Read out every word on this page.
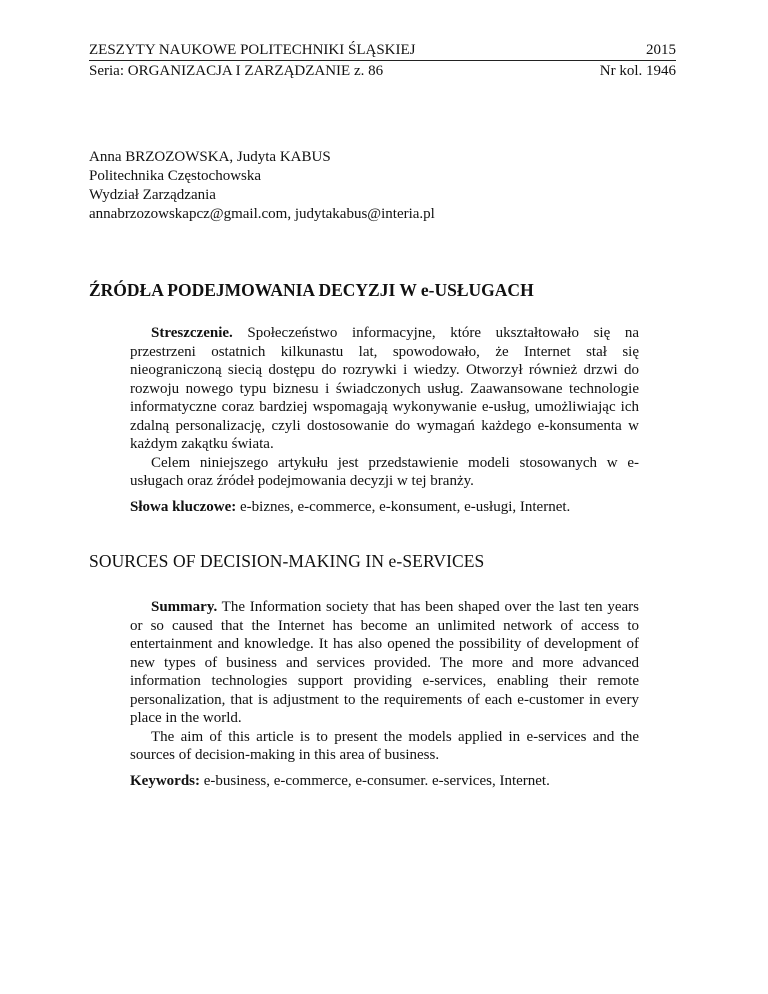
ZESZYTY NAUKOWE POLITECHNIKI ŚLĄSKIEJ	2015
Seria: ORGANIZACJA I ZARZĄDZANIE z. 86	Nr kol. 1946
Anna BRZOZOWSKA, Judyta KABUS
Politechnika Częstochowska
Wydział Zarządzania
annabrzozowskapcz@gmail.com, judytakabus@interia.pl
ŹRÓDŁA PODEJMOWANIA DECYZJI W e-USŁUGACH

Streszczenie. Społeczeństwo informacyjne, które ukształtowało się na przestrzeni ostatnich kilkunastu lat, spowodowało, że Internet stał się nieograniczoną siecią dostępu do rozrywki i wiedzy. Otworzył również drzwi do rozwoju nowego typu biznesu i świadczonych usług. Zaawansowane technologie informatyczne coraz bardziej wspomagają wykonywanie e-usług, umożliwiając ich zdalną personalizację, czyli dostosowanie do wymagań każdego e-konsumenta w każdym zakątku świata.

Celem niniejszego artykułu jest przedstawienie modeli stosowanych w e-usługach oraz źródeł podejmowania decyzji w tej branży.

Słowa kluczowe: e-biznes, e-commerce, e-konsument, e-usługi, Internet.

SOURCES OF DECISION-MAKING IN e-SERVICES

Summary. The Information society that has been shaped over the last ten years or so caused that the Internet has become an unlimited network of access to entertainment and knowledge. It has also opened the possibility of development of new types of business and services provided. The more and more advanced information technologies support providing e-services, enabling their remote personalization, that is adjustment to the requirements of each e-customer in every place in the world.

The aim of this article is to present the models applied in e-services and the sources of decision-making in this area of business.

Keywords: e-business, e-commerce, e-consumer. e-services, Internet.
